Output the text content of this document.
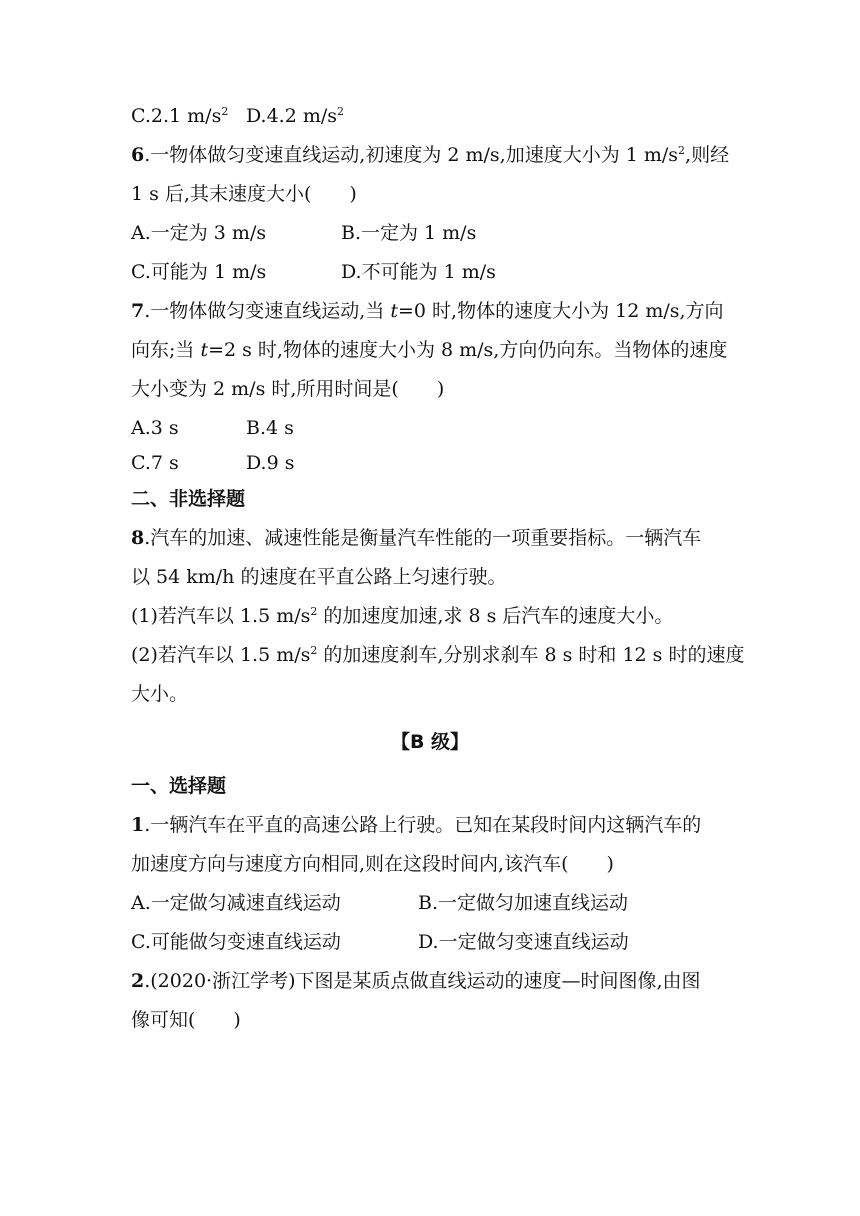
C.2.1 $m/s^2$ D.4.2 $m/s^2$
6.一物体做匀变速直线运动,初速度为 2 m/s,加速度大小为 1 $m/s^2$,则经
1 s 后,其末速度大小(　　)
A.一定为 3 m/s	B.一定为 1 m/s
C.可能为 1 m/s	D.不可能为 1 m/s
7.一物体做匀变速直线运动,当 t=0 时,物体的速度大小为 12 m/s,方向
向东;当 t=2 s 时,物体的速度大小为 8 m/s,方向仍向东。当物体的速度
大小变为 2 m/s 时,所用时间是(　　)
A.3 s	B.4 s
C.7 s	D.9 s
二、非选择题
8.汽车的加速、减速性能是衡量汽车性能的一项重要指标。一辆汽车
以 54 km/h 的速度在平直公路上匀速行驶。
(1)若汽车以 1.5 $m/s^2$ 的加速度加速,求 8 s 后汽车的速度大小。
(2)若汽车以 1.5 $m/s^2$ 的加速度刹车,分别求刹车 8 s 时和 12 s 时的速度
大小。
【B 级】
一、选择题
1.一辆汽车在平直的高速公路上行驶。已知在某段时间内这辆汽车的
加速度方向与速度方向相同,则在这段时间内,该汽车(　　)
A.一定做匀减速直线运动	B.一定做匀加速直线运动
C.可能做匀变速直线运动	D.一定做匀变速直线运动
2.(2020·浙江学考)下图是某质点做直线运动的速度—时间图像,由图
像可知(　　)
